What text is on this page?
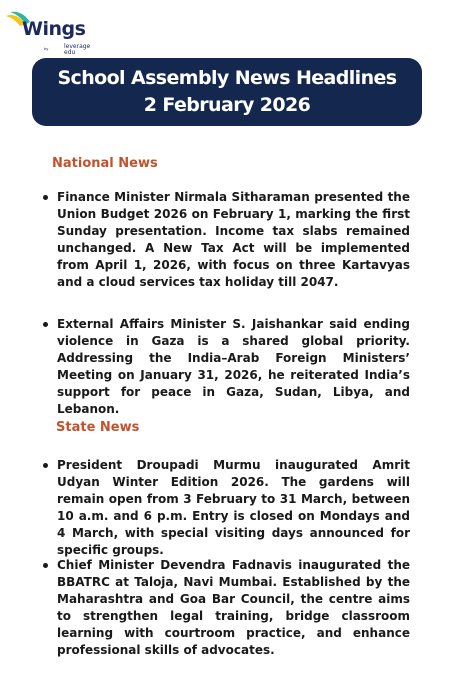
Wings
by	leverage edu
School Assembly News Headlines
2 February 2026
National News
Finance Minister Nirmala Sitharaman presented the Union Budget 2026 on February 1, marking the first Sunday presentation. Income tax slabs remained unchanged. A New Tax Act will be implemented from April 1, 2026, with focus on three Kartavyas and a cloud services tax holiday till 2047.
External Affairs Minister S. Jaishankar said ending violence in Gaza is a shared global priority. Addressing the India–Arab Foreign Ministers’ Meeting on January 31, 2026, he reiterated India’s support for peace in Gaza, Sudan, Libya, and Lebanon.
State News
President Droupadi Murmu inaugurated Amrit Udyan Winter Edition 2026. The gardens will remain open from 3 February to 31 March, between 10 a.m. and 6 p.m. Entry is closed on Mondays and 4 March, with special visiting days announced for specific groups.
Chief Minister Devendra Fadnavis inaugurated the BBATRC at Taloja, Navi Mumbai. Established by the Maharashtra and Goa Bar Council, the centre aims to strengthen legal training, bridge classroom learning with courtroom practice, and enhance professional skills of advocates.
